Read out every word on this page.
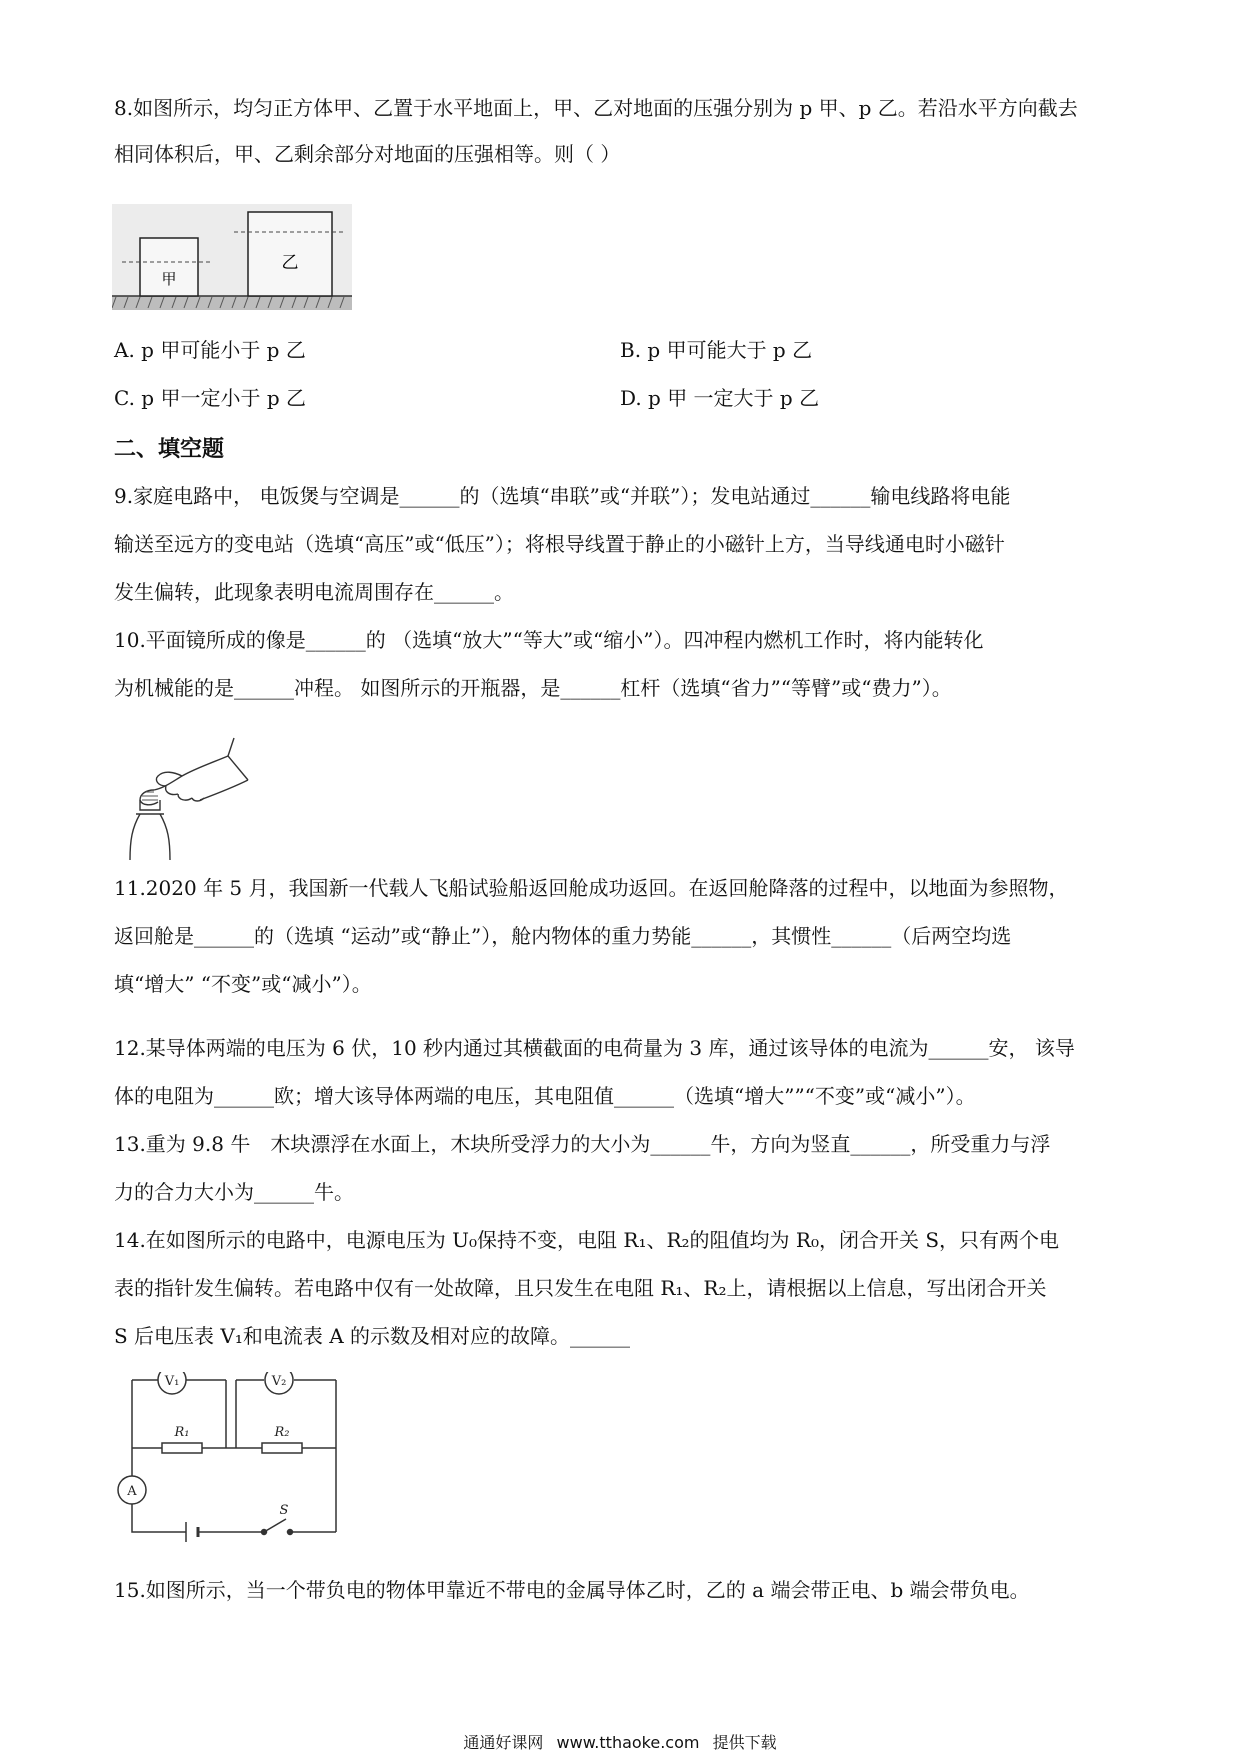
8.如图所示，均匀正方体甲、乙置于水平地面上，甲、乙对地面的压强分别为 p 甲、p 乙。若沿水平方向截去
相同体积后，甲、乙剩余部分对地面的压强相等。则（ ）
甲
乙
A. p 甲可能小于 p 乙	B. p 甲可能大于 p 乙
C. p 甲一定小于 p 乙	D. p 甲 一定大于 p 乙
二、填空题
9.家庭电路中， 电饭煲与空调是______的（选填“串联”或“并联”）；发电站通过______输电线路将电能
输送至远方的变电站（选填“高压”或“低压”）；将根导线置于静止的小磁针上方，当导线通电时小磁针
发生偏转，此现象表明电流周围存在______。
10.平面镜所成的像是______的 （选填“放大”“等大”或“缩小”）。四冲程内燃机工作时，将内能转化
为机械能的是______冲程。 如图所示的开瓶器，是______杠杆（选填“省力”“等臂”或“费力”）。
11.2020 年 5 月，我国新一代载人飞船试验船返回舱成功返回。在返回舱降落的过程中，以地面为参照物，
返回舱是______的（选填 “运动”或“静止”），舱内物体的重力势能______，其惯性______（后两空均选
填“增大” “不变”或“减小”）。
12.某导体两端的电压为 6 伏，10 秒内通过其横截面的电荷量为 3 库，通过该导体的电流为______安， 该导
体的电阻为______欧；增大该导体两端的电压，其电阻值______（选填“增大””“不变”或“减小”）。
13.重为 9.8 牛　木块漂浮在水面上，木块所受浮力的大小为______牛，方向为竖直______，所受重力与浮
力的合力大小为______牛。
14.在如图所示的电路中，电源电压为 U₀保持不变，电阻 R₁、R₂的阻值均为 R₀，闭合开关 S，只有两个电
表的指针发生偏转。若电路中仅有一处故障，且只发生在电阻 R₁、R₂上，请根据以上信息，写出闭合开关
S 后电压表 V₁和电流表 A 的示数及相对应的故障。______
V₁	V₂
R₁	R₂
A
S
15.如图所示，当一个带负电的物体甲靠近不带电的金属导体乙时，乙的 a 端会带正电、b 端会带负电。
通通好课网 www.tthaoke.com 提供下载
